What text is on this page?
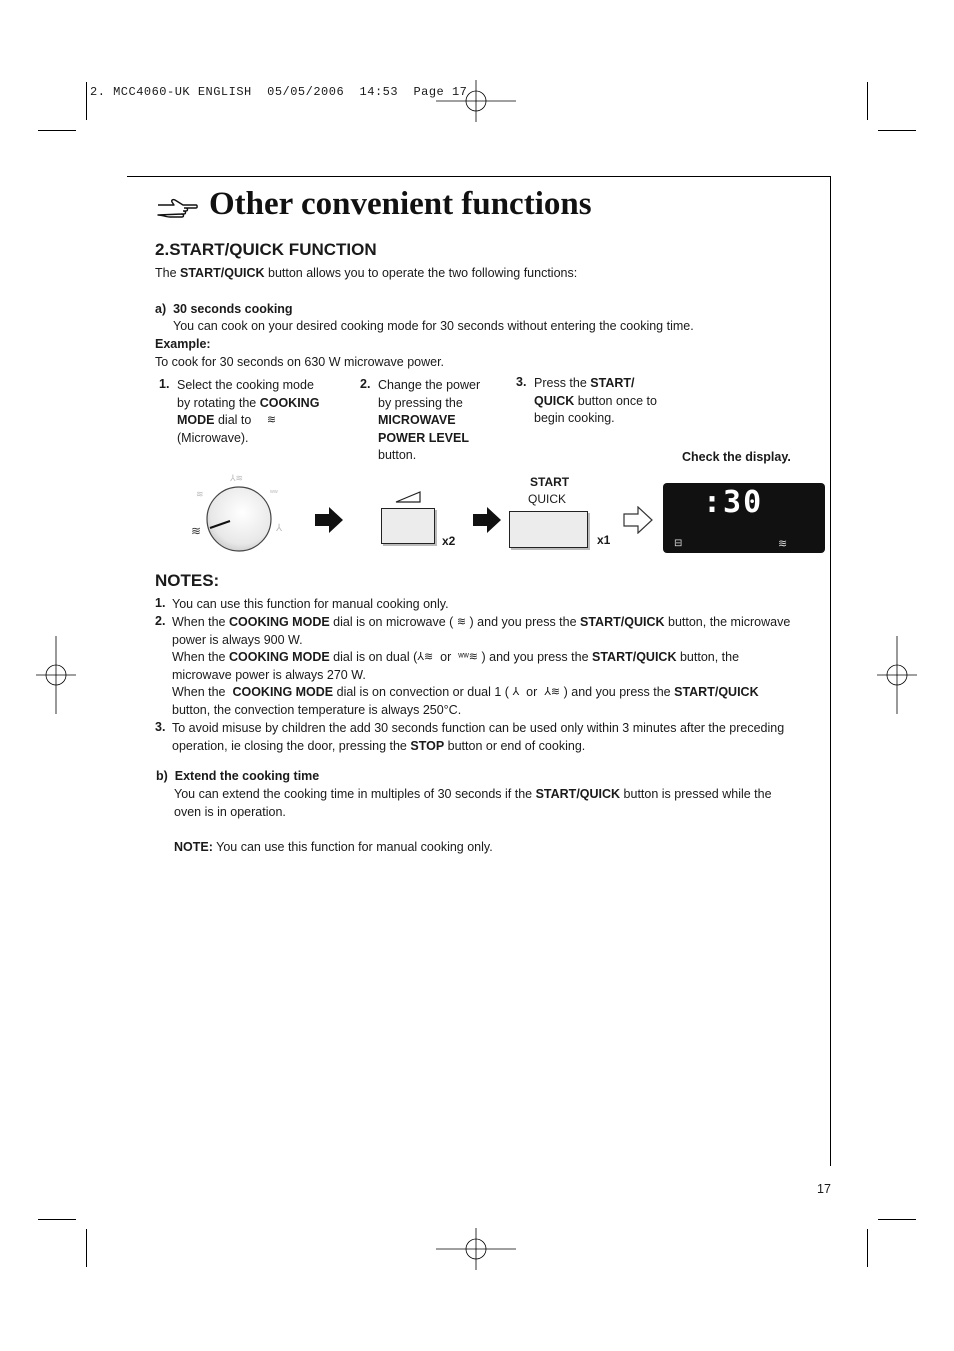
2. MCC4060-UK ENGLISH  05/05/2006  14:53  Page 17
Other convenient functions
2.START/QUICK FUNCTION
The START/QUICK button allows you to operate the two following functions:
a) 30 seconds cooking
You can cook on your desired cooking mode for 30 seconds without entering the cooking time.
Example:
To cook for 30 seconds on 630 W microwave power.
1. Select the cooking mode
by rotating the COOKING
MODE dial to ≋
(Microwave).
2. Change the power
by pressing the
MICROWAVE
POWER LEVEL
button.
3. Press the START/
QUICK button once to
begin cooking.
Check the display.
≋
≋
⅄≋
ʷʷ
⅄
x2
START
QUICK
x1
:30
⊟	≋
NOTES:
1. You can use this function for manual cooking only.
2. When the COOKING MODE dial is on microwave ( ≋ ) and you press the START/QUICK button, the microwave
power is always 900 W.
When the COOKING MODE dial is on dual (⅄≋ or ʷʷ≋ ) and you press the START/QUICK button, the
microwave power is always 270 W.
When the  COOKING MODE dial is on convection or dual 1 ( ⅄ or ⅄≋ ) and you press the START/QUICK
button, the convection temperature is always 250°C.
3. To avoid misuse by children the add 30 seconds function can be used only within 3 minutes after the preceding
operation, ie closing the door, pressing the STOP button or end of cooking.
b) Extend the cooking time
You can extend the cooking time in multiples of 30 seconds if the START/QUICK button is pressed while the
oven is in operation.
NOTE: You can use this function for manual cooking only.
17
